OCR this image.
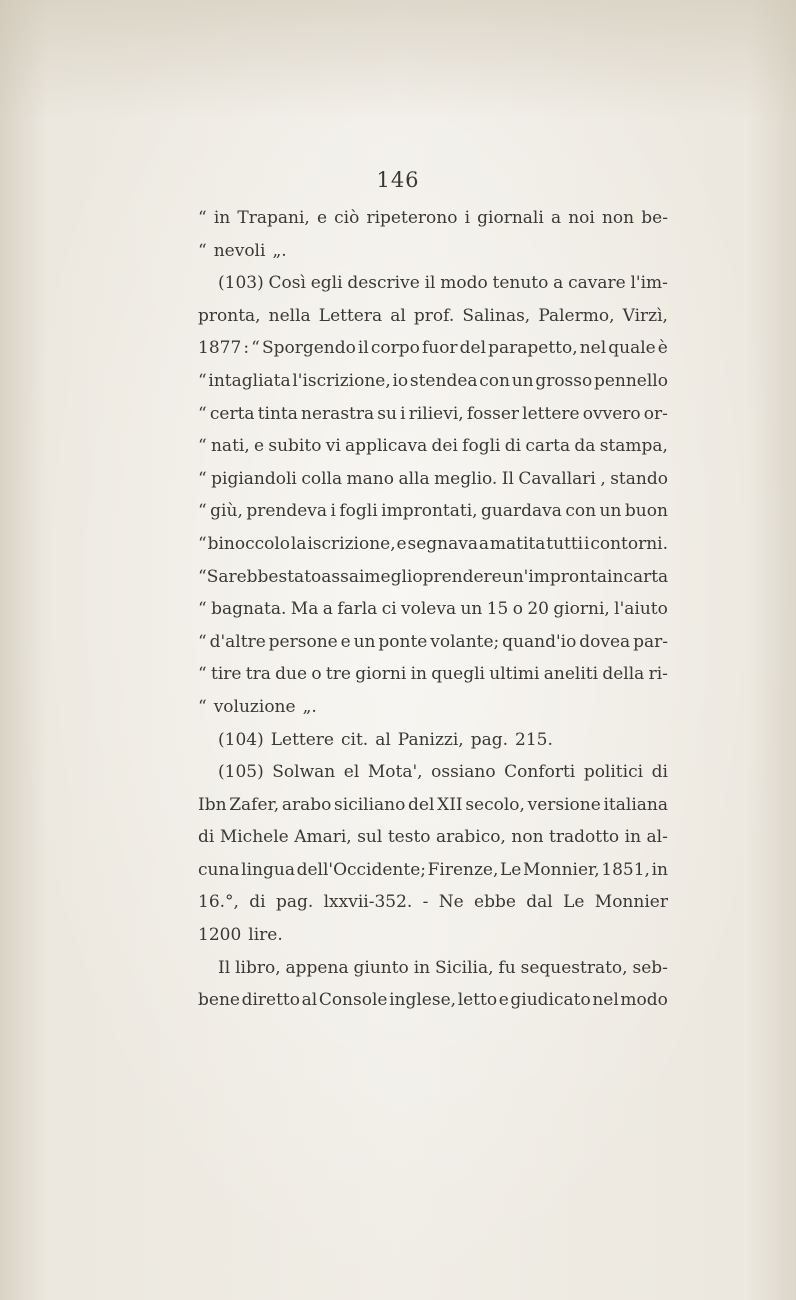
146
“ in Trapani, e ciò ripeterono i giornali a noi non be-
“ nevoli „.
(103) Così egli descrive il modo tenuto a cavare l'im-
pronta, nella Lettera al prof. Salinas, Palermo, Virzì,
1877 : “ Sporgendo il corpo fuor del parapetto, nel quale è
“ intagliata l'iscrizione, io stendea con un grosso pennello
“ certa tinta nerastra su i rilievi, fosser lettere ovvero or-
“ nati, e subito vi applicava dei fogli di carta da stampa,
“ pigiandoli colla mano alla meglio. Il Cavallari , stando
“ giù, prendeva i fogli improntati, guardava con un buon
“ binoccolo la iscrizione, e segnava a matita tutti i contorni.
“ Sarebbe stato assai meglio prendere un'impronta in carta
“ bagnata. Ma a farla ci voleva un 15 o 20 giorni, l'aiuto
“ d'altre persone e un ponte volante; quand'io dovea par-
“ tire tra due o tre giorni in quegli ultimi aneliti della ri-
“ voluzione „.
(104) Lettere cit. al Panizzi, pag. 215.
(105) Solwan el Mota', ossiano Conforti politici di
Ibn Zafer, arabo siciliano del XII secolo, versione italiana
di Michele Amari, sul testo arabico, non tradotto in al-
cuna lingua dell'Occidente; Firenze, Le Monnier, 1851, in
16.°, di pag. lxxvii-352. - Ne ebbe dal Le Monnier
1200 lire.
Il libro, appena giunto in Sicilia, fu sequestrato, seb-
bene diretto al Console inglese, letto e giudicato nel modo
